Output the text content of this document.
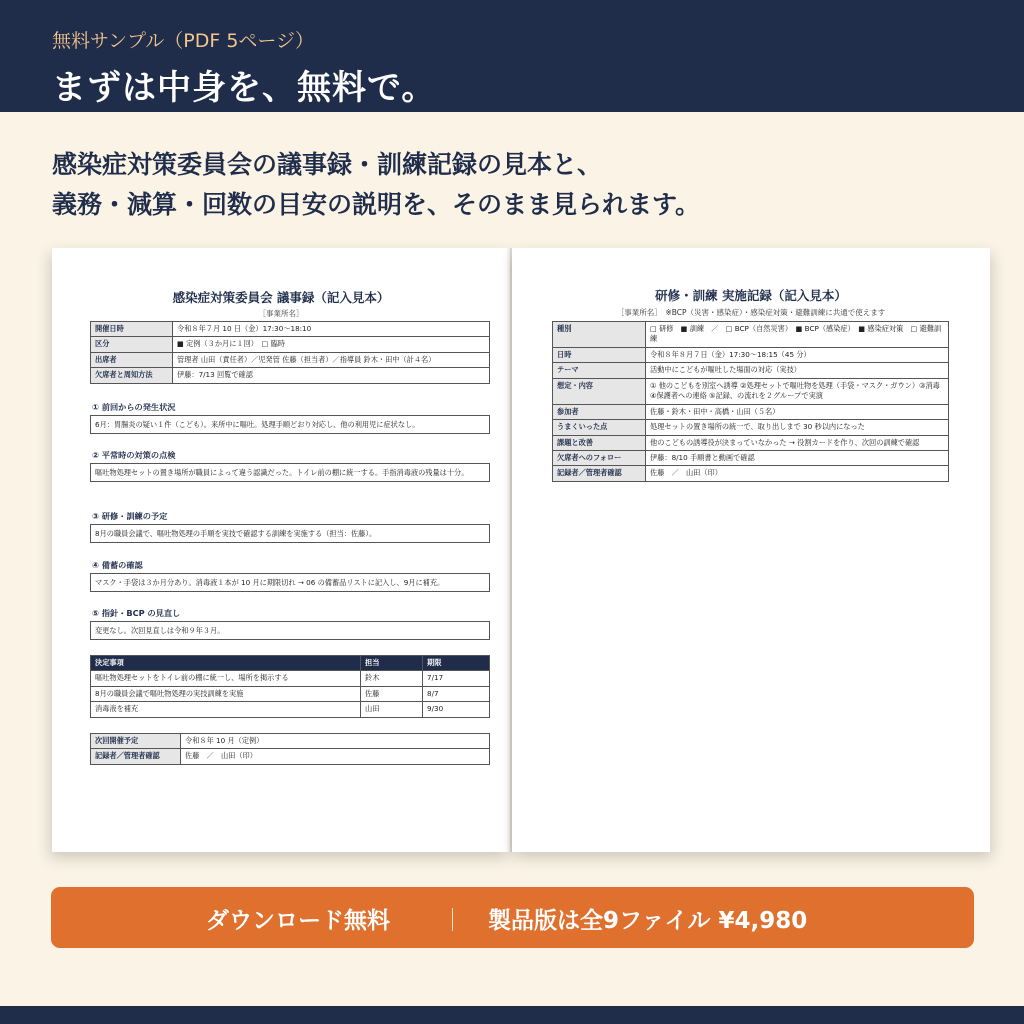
無料サンプル（PDF 5ページ）
まずは中身を、無料で。
感染症対策委員会の議事録・訓練記録の見本と、
義務・減算・回数の目安の説明を、そのまま見られます。
感染症対策委員会 議事録（記入見本）
［事業所名］
開催日時	令和８年７月 10 日（金）17:30〜18:10
区分	■ 定例（３か月に１回）　□ 臨時
出席者	管理者 山田（責任者）／児発管 佐藤（担当者）／指導員 鈴木・田中（計４名）
欠席者と周知方法	伊藤：7/13 回覧で確認
① 前回からの発生状況
6月：胃腸炎の疑い１件（こども）。来所中に嘔吐。処理手順どおり対応し、他の利用児に症状なし。
② 平常時の対策の点検
嘔吐物処理セットの置き場所が職員によって違う認識だった。トイレ前の棚に統一する。手指消毒液の残量は十分。
③ 研修・訓練の予定
8月の職員会議で、嘔吐物処理の手順を実技で確認する訓練を実施する（担当：佐藤）。
④ 備蓄の確認
マスク・手袋は３か月分あり。消毒液１本が 10 月に期限切れ → 06 の備蓄品リストに記入し、9月に補充。
⑤ 指針・BCP の見直し
変更なし。次回見直しは令和９年３月。
決定事項	担当	期限
嘔吐物処理セットをトイレ前の棚に統一し、場所を掲示する	鈴木	7/17
8月の職員会議で嘔吐物処理の実技訓練を実施	佐藤	8/7
消毒液を補充	山田	9/30
次回開催予定	令和８年 10 月（定例）
記録者／管理者確認	佐藤　／　山田（印）
研修・訓練 実施記録（記入見本）
［事業所名］　※BCP（災害・感染症）・感染症対策・避難訓練に共通で使えます
種別	□ 研修　■ 訓練　／　□ BCP（自然災害）　■ BCP（感染症）　■ 感染症対策　□ 避難訓練
日時	令和８年８月７日（金）17:30〜18:15（45 分）
テーマ	活動中にこどもが嘔吐した場面の対応（実技）
想定・内容	① 他のこどもを別室へ誘導 ②処理セットで嘔吐物を処理（手袋・マスク・ガウン）③消毒 ④保護者への連絡 ⑤記録、の流れを２グループで実演
参加者	佐藤・鈴木・田中・高橋・山田（５名）
うまくいった点	処理セットの置き場所の統一で、取り出しまで 30 秒以内になった
課題と改善	他のこどもの誘導役が決まっていなかった → 役割カードを作り、次回の訓練で確認
欠席者へのフォロー	伊藤：8/10 手順書と動画で確認
記録者／管理者確認	佐藤　／　山田（印）
ダウンロード無料 ｜ 製品版は全9ファイル ¥4,980
